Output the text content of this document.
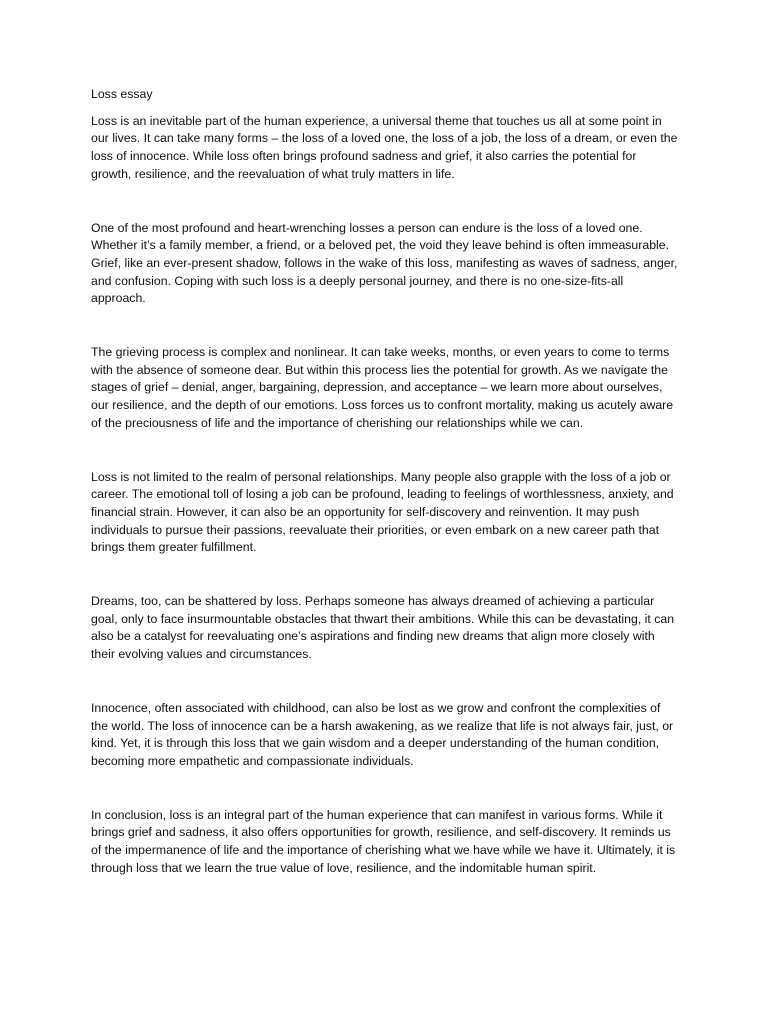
Loss essay

Loss is an inevitable part of the human experience, a universal theme that touches us all at some point in our lives. It can take many forms – the loss of a loved one, the loss of a job, the loss of a dream, or even the loss of innocence. While loss often brings profound sadness and grief, it also carries the potential for growth, resilience, and the reevaluation of what truly matters in life.

One of the most profound and heart-wrenching losses a person can endure is the loss of a loved one. Whether it’s a family member, a friend, or a beloved pet, the void they leave behind is often immeasurable. Grief, like an ever-present shadow, follows in the wake of this loss, manifesting as waves of sadness, anger, and confusion. Coping with such loss is a deeply personal journey, and there is no one-size-fits-all approach.

The grieving process is complex and nonlinear. It can take weeks, months, or even years to come to terms with the absence of someone dear. But within this process lies the potential for growth. As we navigate the stages of grief – denial, anger, bargaining, depression, and acceptance – we learn more about ourselves, our resilience, and the depth of our emotions. Loss forces us to confront mortality, making us acutely aware of the preciousness of life and the importance of cherishing our relationships while we can.

Loss is not limited to the realm of personal relationships. Many people also grapple with the loss of a job or career. The emotional toll of losing a job can be profound, leading to feelings of worthlessness, anxiety, and financial strain. However, it can also be an opportunity for self-discovery and reinvention. It may push individuals to pursue their passions, reevaluate their priorities, or even embark on a new career path that brings them greater fulfillment.

Dreams, too, can be shattered by loss. Perhaps someone has always dreamed of achieving a particular goal, only to face insurmountable obstacles that thwart their ambitions. While this can be devastating, it can also be a catalyst for reevaluating one’s aspirations and finding new dreams that align more closely with their evolving values and circumstances.

Innocence, often associated with childhood, can also be lost as we grow and confront the complexities of the world. The loss of innocence can be a harsh awakening, as we realize that life is not always fair, just, or kind. Yet, it is through this loss that we gain wisdom and a deeper understanding of the human condition, becoming more empathetic and compassionate individuals.

In conclusion, loss is an integral part of the human experience that can manifest in various forms. While it brings grief and sadness, it also offers opportunities for growth, resilience, and self-discovery. It reminds us of the impermanence of life and the importance of cherishing what we have while we have it. Ultimately, it is through loss that we learn the true value of love, resilience, and the indomitable human spirit.
